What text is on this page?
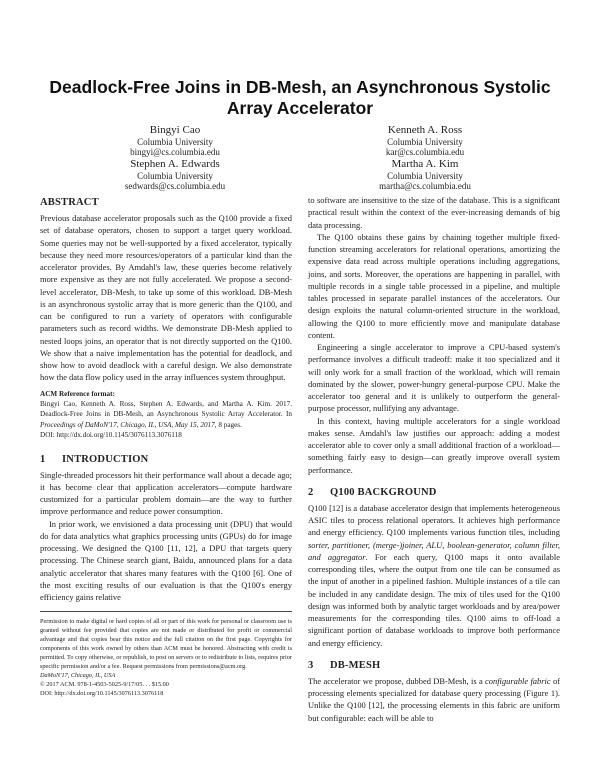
Deadlock-Free Joins in DB-Mesh, an Asynchronous Systolic Array Accelerator
Bingyi Cao
Columbia University
bingyi@cs.columbia.edu
Kenneth A. Ross
Columbia University
kar@cs.columbia.edu
Stephen A. Edwards
Columbia University
sedwards@cs.columbia.edu
Martha A. Kim
Columbia University
martha@cs.columbia.edu
ABSTRACT

Previous database accelerator proposals such as the Q100 provide a fixed set of database operators, chosen to support a target query workload. Some queries may not be well-supported by a fixed accelerator, typically because they need more resources/operators of a particular kind than the accelerator provides. By Amdahl's law, these queries become relatively more expensive as they are not fully accelerated. We propose a second-level accelerator, DB-Mesh, to take up some of this workload. DB-Mesh is an asynchronous systolic array that is more generic than the Q100, and can be configured to run a variety of operators with configurable parameters such as record widths. We demonstrate DB-Mesh applied to nested loops joins, an operator that is not directly supported on the Q100. We show that a naive implementation has the potential for deadlock, and show how to avoid deadlock with a careful design. We also demonstrate how the data flow policy used in the array influences system throughput.

ACM Reference format:
Bingyi Cao, Kenneth A. Ross, Stephen A. Edwards, and Martha A. Kim. 2017. Deadlock-Free Joins in DB-Mesh, an Asynchronous Systolic Array Accelerator. In Proceedings of DaMoN'17, Chicago, IL, USA, May 15, 2017, 8 pages.
DOI: http://dx.doi.org/10.1145/3076113.3076118
1 INTRODUCTION

Single-threaded processors hit their performance wall about a decade ago; it has become clear that application accelerators—compute hardware customized for a particular problem domain—are the way to further improve performance and reduce power consumption.

In prior work, we envisioned a data processing unit (DPU) that would do for data analytics what graphics processing units (GPUs) do for image processing. We designed the Q100 [11, 12], a DPU that targets query processing. The Chinese search giant, Baidu, announced plans for a data analytic accelerator that shares many features with the Q100 [6]. One of the most exciting results of our evaluation is that the Q100's energy efficiency gains relative

Permission to make digital or hard copies of all or part of this work for personal or classroom use is granted without fee provided that copies are not made or distributed for profit or commercial advantage and that copies bear this notice and the full citation on the first page. Copyrights for components of this work owned by others than ACM must be honored. Abstracting with credit is permitted. To copy otherwise, or republish, to post on servers or to redistribute to lists, requires prior specific permission and/or a fee. Request permissions from permissions@acm.org.

DaMoN'17, Chicago, IL, USA

© 2017 ACM. 978-1-4503-5025-9/17/05. . . $15.00

DOI: http://dx.doi.org/10.1145/3076113.3076118

to software are insensitive to the size of the database. This is a significant practical result within the context of the ever-increasing demands of big data processing.

The Q100 obtains these gains by chaining together multiple fixed-function streaming accelerators for relational operations, amortizing the expensive data read across multiple operations including aggregations, joins, and sorts. Moreover, the operations are happening in parallel, with multiple records in a single table processed in a pipeline, and multiple tables processed in separate parallel instances of the accelerators. Our design exploits the natural column-oriented structure in the workload, allowing the Q100 to more efficiently move and manipulate database content.

Engineering a single accelerator to improve a CPU-based system's performance involves a difficult tradeoff: make it too specialized and it will only work for a small fraction of the workload, which will remain dominated by the slower, power-hungry general-purpose CPU. Make the accelerator too general and it is unlikely to outperform the general-purpose processor, nullifying any advantage.

In this context, having multiple accelerators for a single workload makes sense. Amdahl's law justifies our approach: adding a modest accelerator able to cover only a small additional fraction of a workload—something fairly easy to design—can greatly improve overall system performance.

2 Q100 BACKGROUND

Q100 [12] is a database accelerator design that implements heterogeneous ASIC tiles to process relational operators. It achieves high performance and energy efficiency. Q100 implements various function tiles, including sorter, partitioner, (merge-)joiner, ALU, boolean-generator, column filter, and aggregator. For each query, Q100 maps it onto available corresponding tiles, where the output from one tile can be consumed as the input of another in a pipelined fashion. Multiple instances of a tile can be included in any candidate design. The mix of tiles used for the Q100 design was informed both by analytic target workloads and by area/power measurements for the corresponding tiles. Q100 aims to off-load a significant portion of database workloads to improve both performance and energy efficiency.

3 DB-MESH

The accelerator we propose, dubbed DB-Mesh, is a configurable fabric of processing elements specialized for database query processing (Figure 1). Unlike the Q100 [12], the processing elements in this fabric are uniform but configurable: each will be able to
